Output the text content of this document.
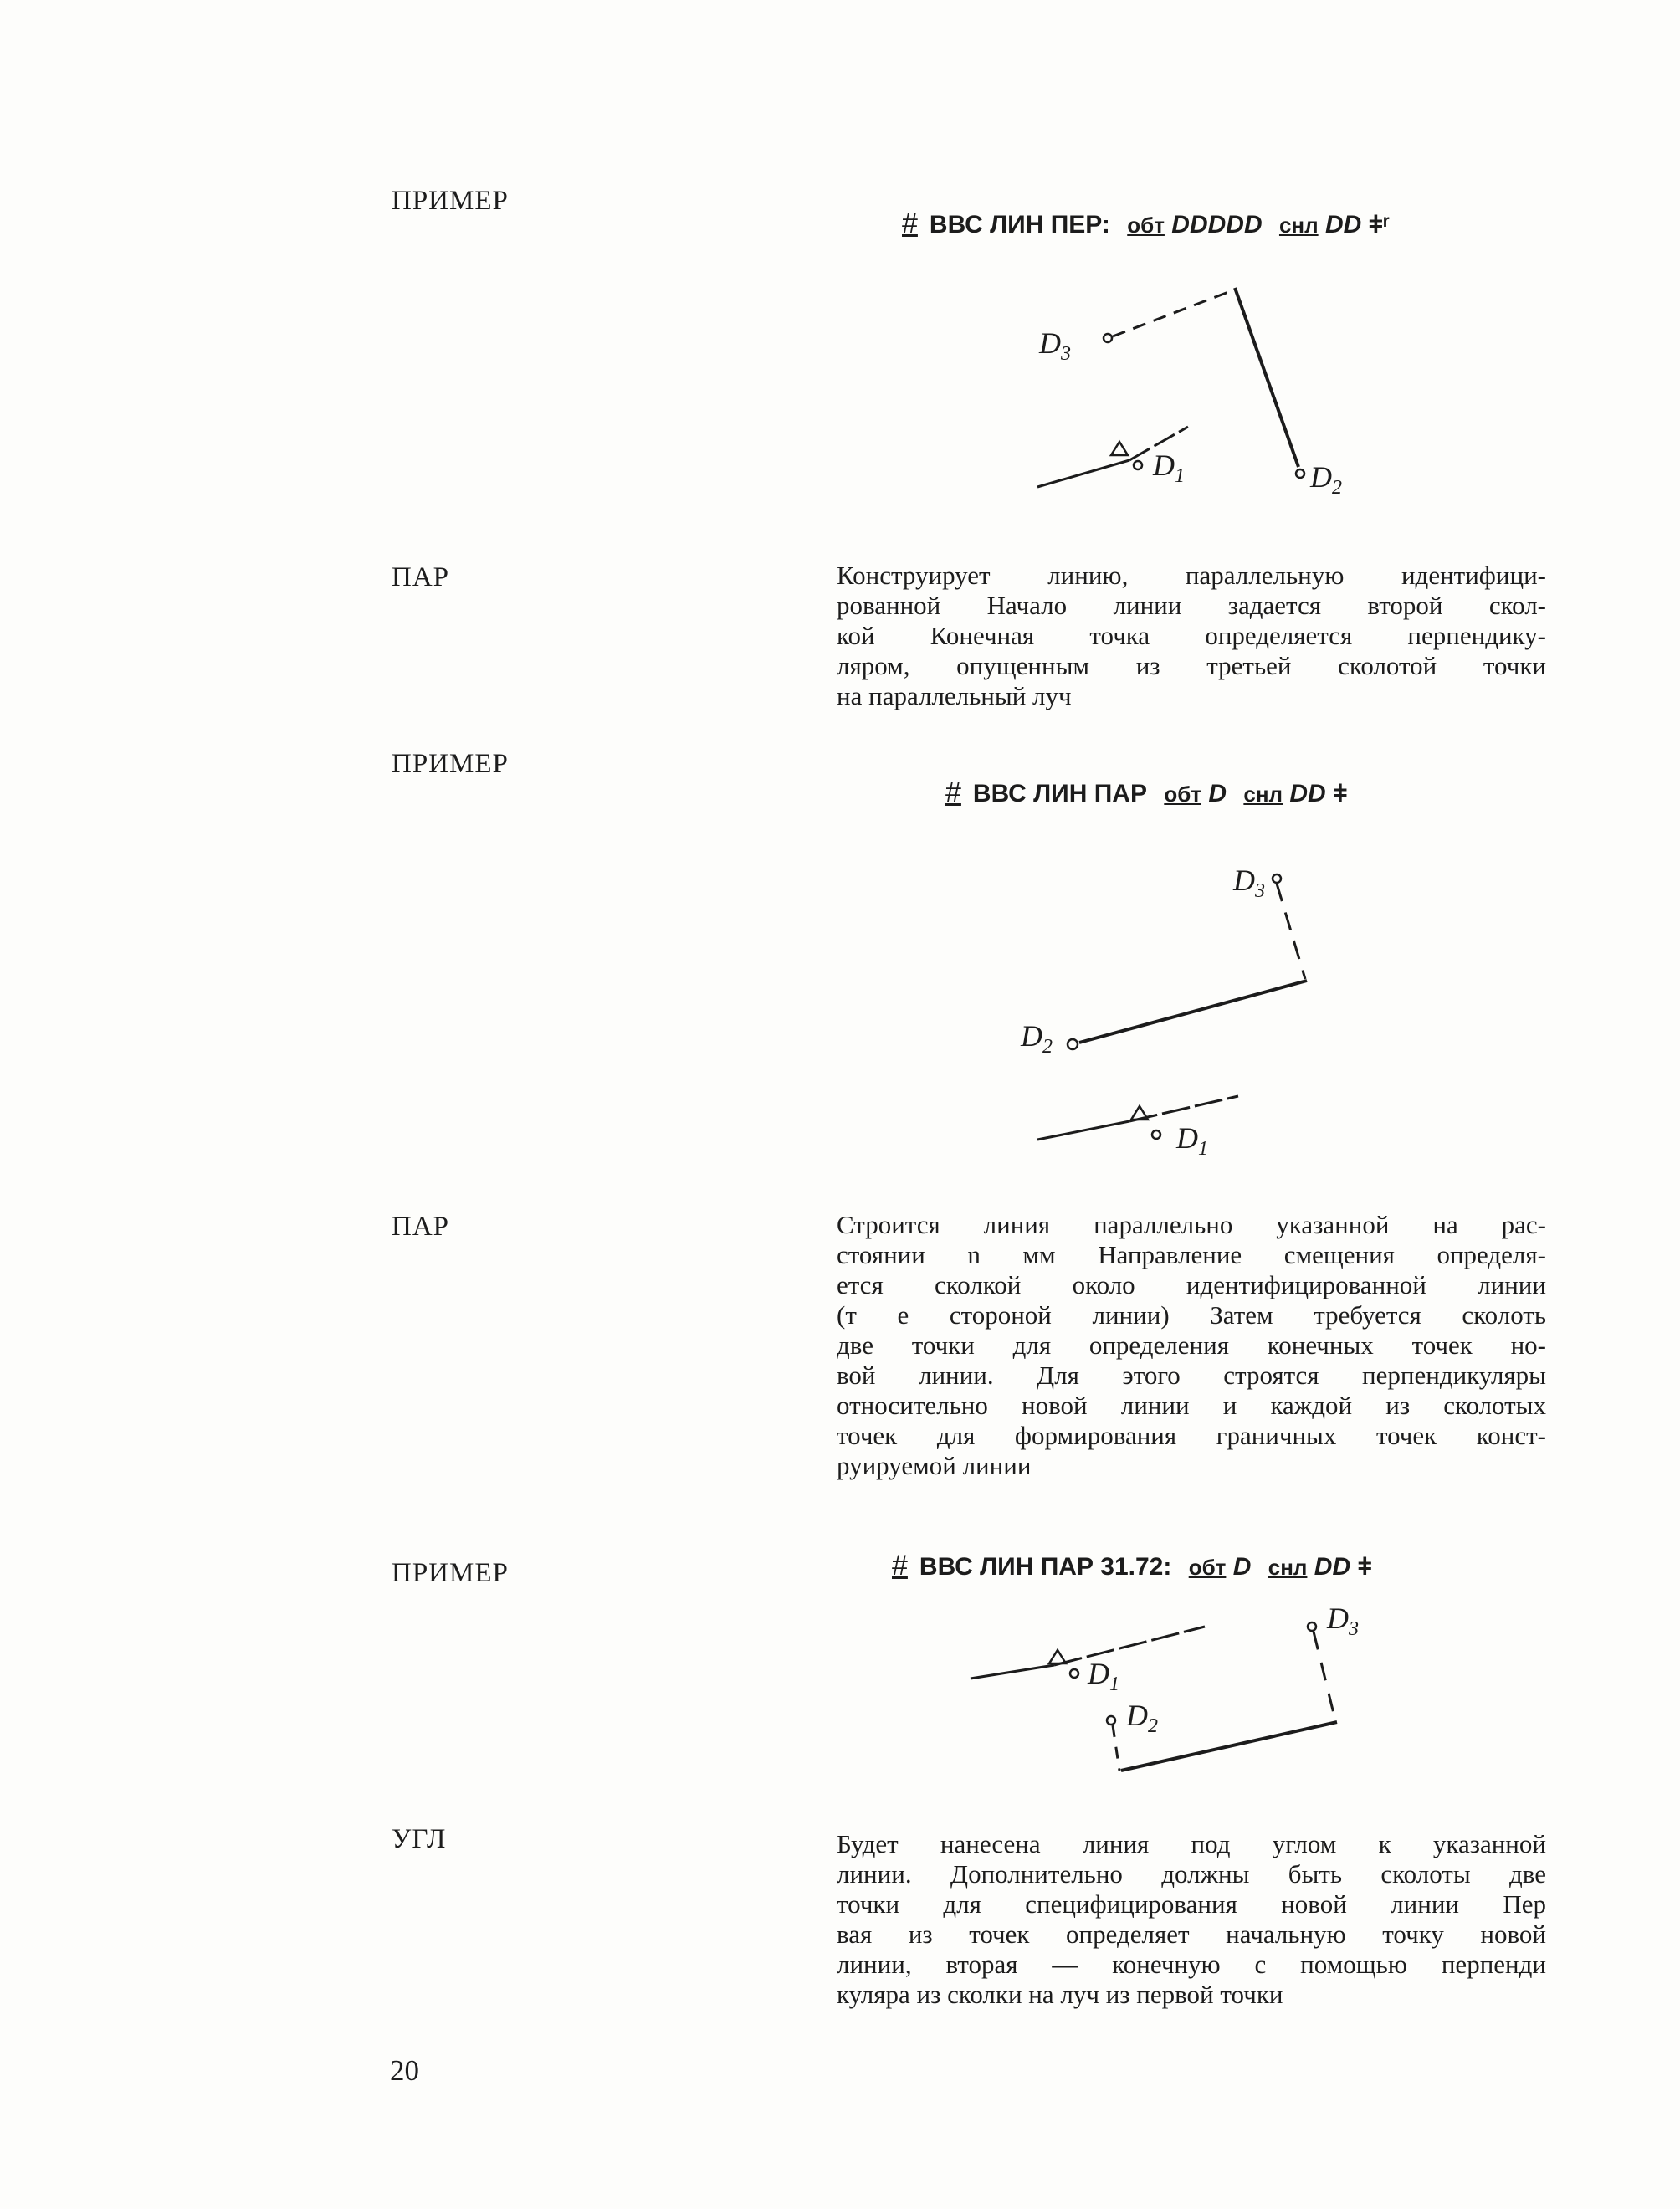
ПРИМЕР
# ВВС ЛИН ПЕР: обт DDDDD снл DD ǂʳ
$D_3$
$D_1$	$D_2$
ПАР	Конструирует линию, параллельную идентифици-
рованной Начало линии задается второй скол-
кой Конечная точка определяется перпендику-
ляром, опущенным из третьей сколотой точки
на параллельный луч
ПРИМЕР
# ВВС ЛИН ПАР обт D снл DD ǂ
$D_3$
$D_2$
$D_1$
ПАР	Строится линия параллельно указанной на рас-
стоянии n мм Направление смещения определя-
ется сколкой около идентифицированной линии
(т е стороной линии) Затем требуется сколоть
две точки для определения конечных точек но-
вой линии. Для этого строятся перпендикуляры
относительно новой линии и каждой из сколотых
точек для формирования граничных точек конст-
руируемой линии
ПРИМЕР	# ВВС ЛИН ПАР 31.72: обт D снл DD ǂ
$D_1$
$D_3$
$D_2$
УГЛ	Будет нанесена линия под углом к указанной
линии. Дополнительно должны быть сколоты две
точки для специфицирования новой линии Пер
вая из точек определяет начальную точку новой
линии, вторая — конечную с помощью перпенди
куляра из сколки на луч из первой точки
20
